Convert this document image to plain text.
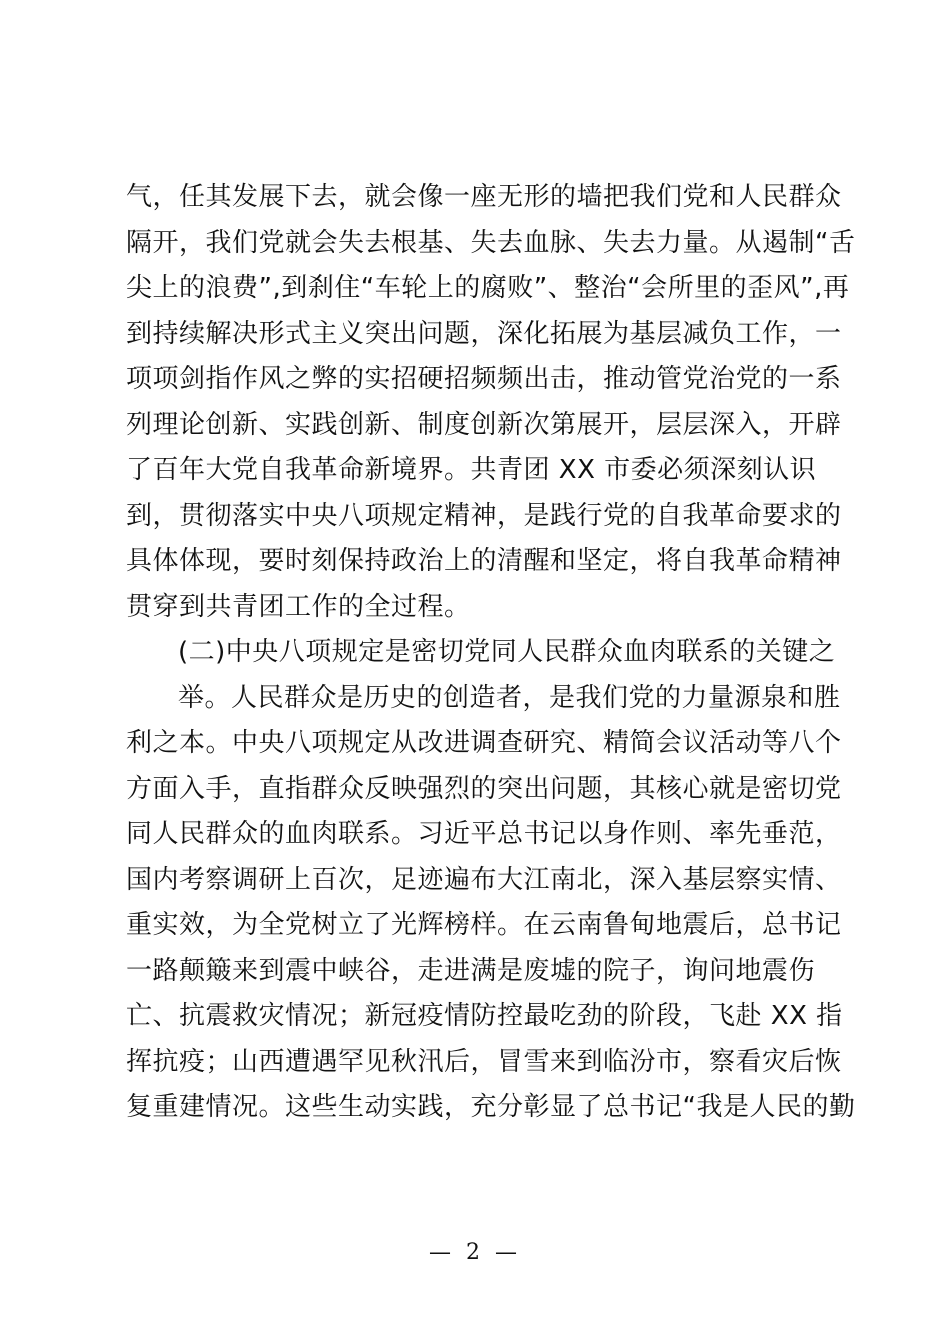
气，任其发展下去，就会像一座无形的墙把我们党和人民群众
隔开，我们党就会失去根基、失去血脉、失去力量。从遏制“舌
尖上的浪费”,到刹住“车轮上的腐败”、整治“会所里的歪风”,再
到持续解决形式主义突出问题，深化拓展为基层减负工作，一
项项剑指作风之弊的实招硬招频频出击，推动管党治党的一系
列理论创新、实践创新、制度创新次第展开，层层深入，开辟
了百年大党自我革命新境界。共青团 XX 市委必须深刻认识
到，贯彻落实中央八项规定精神，是践行党的自我革命要求的
具体体现，要时刻保持政治上的清醒和坚定，将自我革命精神
贯穿到共青团工作的全过程。
(二)中央八项规定是密切党同人民群众血肉联系的关键之
举。人民群众是历史的创造者，是我们党的力量源泉和胜
利之本。中央八项规定从改进调查研究、精简会议活动等八个
方面入手，直指群众反映强烈的突出问题，其核心就是密切党
同人民群众的血肉联系。习近平总书记以身作则、率先垂范，
国内考察调研上百次，足迹遍布大江南北，深入基层察实情、
重实效，为全党树立了光辉榜样。在云南鲁甸地震后，总书记
一路颠簸来到震中峡谷，走进满是废墟的院子，询问地震伤
亡、抗震救灾情况；新冠疫情防控最吃劲的阶段，飞赴 XX 指
挥抗疫；山西遭遇罕见秋汛后，冒雪来到临汾市，察看灾后恢
复重建情况。这些生动实践，充分彰显了总书记“我是人民的勤
— 2 —
